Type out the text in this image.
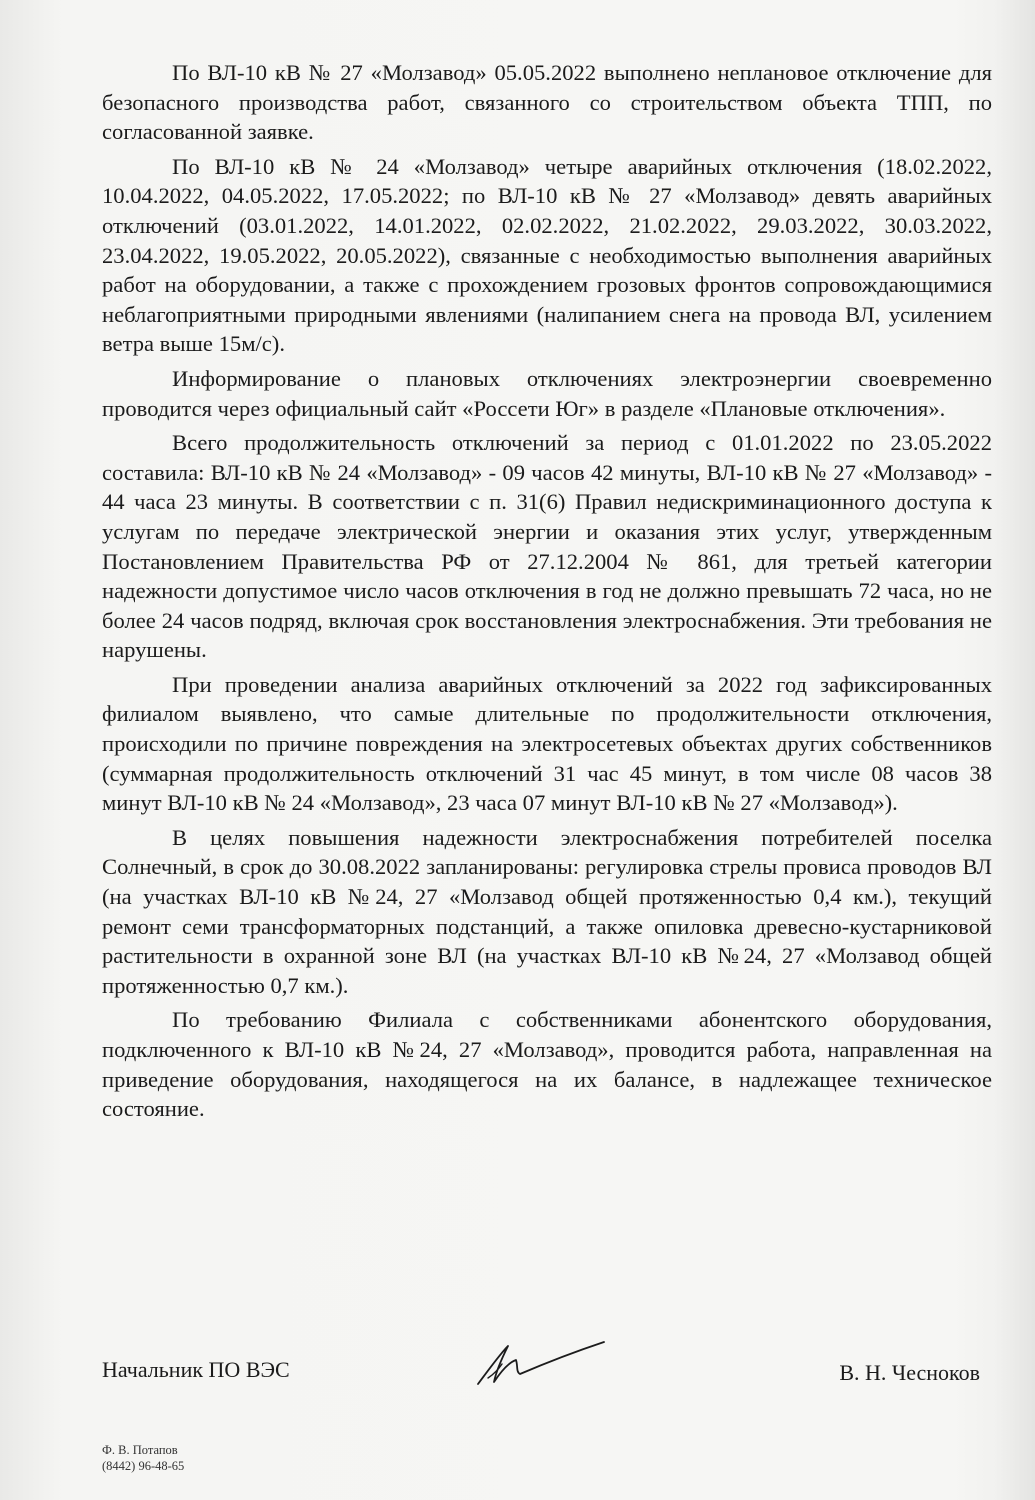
По ВЛ-10 кВ № 27 «Молзавод» 05.05.2022 выполнено неплановое отключение для безопасного производства работ, связанного со строительством объекта ТПП, по согласованной заявке.

По ВЛ-10 кВ № 24 «Молзавод» четыре аварийных отключения (18.02.2022, 10.04.2022, 04.05.2022, 17.05.2022; по ВЛ-10 кВ № 27 «Молзавод» девять аварийных отключений (03.01.2022, 14.01.2022, 02.02.2022, 21.02.2022, 29.03.2022, 30.03.2022, 23.04.2022, 19.05.2022, 20.05.2022), связанные с необходимостью выполнения аварийных работ на оборудовании, а также с прохождением грозовых фронтов сопровождающимися неблагоприятными природными явлениями (налипанием снега на провода ВЛ, усилением ветра выше 15м/с).

Информирование о плановых отключениях электроэнергии своевременно проводится через официальный сайт «Россети Юг» в разделе «Плановые отключения».

Всего продолжительность отключений за период с 01.01.2022 по 23.05.2022 составила: ВЛ-10 кВ № 24 «Молзавод» - 09 часов 42 минуты, ВЛ-10 кВ № 27 «Молзавод» - 44 часа 23 минуты. В соответствии с п. 31(6) Правил недискриминационного доступа к услугам по передаче электрической энергии и оказания этих услуг, утвержденным Постановлением Правительства РФ от 27.12.2004 № 861, для третьей категории надежности допустимое число часов отключения в год не должно превышать 72 часа, но не более 24 часов подряд, включая срок восстановления электроснабжения. Эти требования не нарушены.

При проведении анализа аварийных отключений за 2022 год зафиксированных филиалом выявлено, что самые длительные по продолжительности отключения, происходили по причине повреждения на электросетевых объектах других собственников (суммарная продолжительность отключений 31 час 45 минут, в том числе 08 часов 38 минут ВЛ-10 кВ № 24 «Молзавод», 23 часа 07 минут ВЛ-10 кВ № 27 «Молзавод»).

В целях повышения надежности электроснабжения потребителей поселка Солнечный, в срок до 30.08.2022 запланированы: регулировка стрелы провиса проводов ВЛ (на участках ВЛ-10 кВ №24, 27 «Молзавод общей протяженностью 0,4 км.), текущий ремонт семи трансформаторных подстанций, а также опиловка древесно-кустарниковой растительности в охранной зоне ВЛ (на участках ВЛ-10 кВ №24, 27 «Молзавод общей протяженностью 0,7 км.).

По требованию Филиала с собственниками абонентского оборудования, подключенного к ВЛ-10 кВ №24, 27 «Молзавод», проводится работа, направленная на приведение оборудования, находящегося на их балансе, в надлежащее техническое состояние.

Начальник ПО ВЭС	В. Н. Чесноков
Ф. В. Потапов
(8442) 96-48-65
